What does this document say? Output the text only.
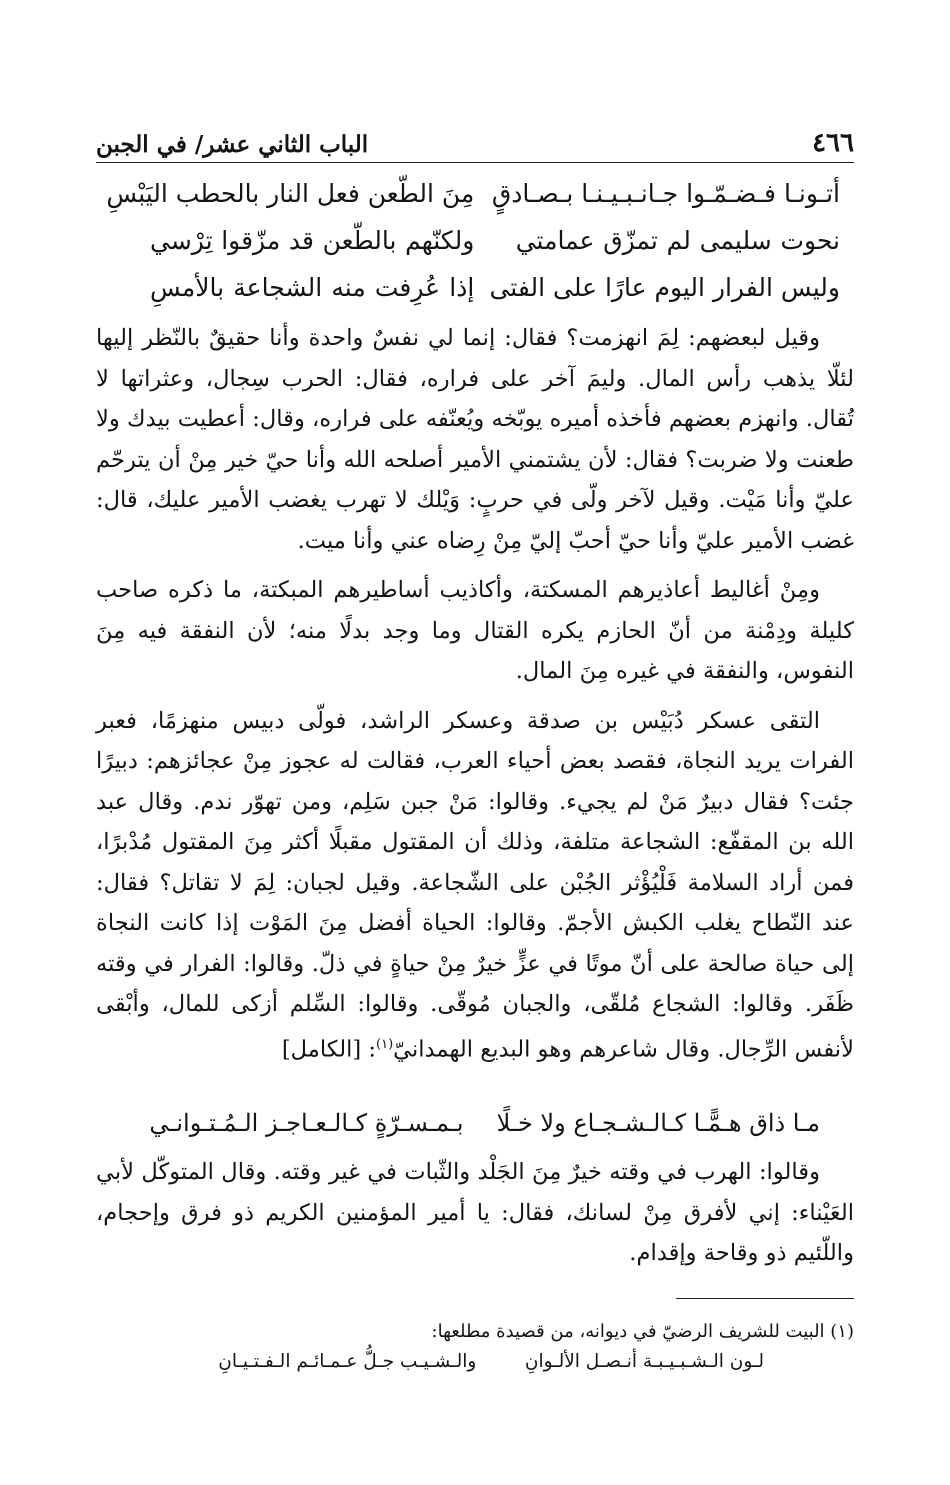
٤٦٦
الباب الثاني عشر/ في الجبن
أتـونـا فـضـمّـوا جـانـبـيـنـا بـصـادقٍ
مِنَ الطّعن فعل النار بالحطب اليَبْسِ
نحوت سليمى لم تمزّق عمامتي
ولكنّهم بالطّعن قد مزّقوا تِرْسي
وليس الفرار اليوم عارًا على الفتى
إذا عُرِفت منه الشجاعة بالأمسِ

وقيل لبعضهم: لِمَ انهزمت؟ فقال: إنما لي نفسٌ واحدة وأنا حقيقٌ بالنّظر إليها لئلّا يذهب رأس المال. وليمَ آخر على فراره، فقال: الحرب سِجال، وعثراتها لا تُقال. وانهزم بعضهم فأخذه أميره يوبّخه ويُعنّفه على فراره، وقال: أعطيت بيدك ولا طعنت ولا ضربت؟ فقال: لأن يشتمني الأمير أصلحه الله وأنا حيّ خير مِنْ أن يترحّم عليّ وأنا مَيْت. وقيل لآخر ولّى في حربٍ: وَيْلك لا تهرب يغضب الأمير عليك، قال: غضب الأمير عليّ وأنا حيّ أحبّ إليّ مِنْ رِضاه عني وأنا ميت.

ومِنْ أغاليط أعاذيرهم المسكتة، وأكاذيب أساطيرهم المبكتة، ما ذكره صاحب كليلة ودِمْنة من أنّ الحازم يكره القتال وما وجد بدلًا منه؛ لأن النفقة فيه مِنَ النفوس، والنفقة في غيره مِنَ المال.

التقى عسكر دُبَيْس بن صدقة وعسكر الراشد، فولّى دبيس منهزمًا، فعبر الفرات يريد النجاة، فقصد بعض أحياء العرب، فقالت له عجوز مِنْ عجائزهم: دبيرًا جئت؟ فقال دبيرٌ مَنْ لم يجيء. وقالوا: مَنْ جبن سَلِم، ومن تهوّر ندم. وقال عبد الله بن المقفّع: الشجاعة متلفة، وذلك أن المقتول مقبلًا أكثر مِنَ المقتول مُدْبرًا، فمن أراد السلامة فَلْيُؤْثر الجُبْن على الشّجاعة. وقيل لجبان: لِمَ لا تقاتل؟ فقال: عند النّطاح يغلب الكبش الأجمّ. وقالوا: الحياة أفضل مِنَ المَوْت إذا كانت النجاة إلى حياة صالحة على أنّ موتًا في عزٍّ خيرٌ مِنْ حياةٍ في ذلّ. وقالوا: الفرار في وقته ظَفَر. وقالوا: الشجاع مُلقّى، والجبان مُوقّى. وقالوا: السِّلم أزكى للمال، وأبْقى لأنفس الرِّجال. وقال شاعرهم وهو البديع الهمدانيّ$^{(١)}$: [الكامل]

مـا ذاق هـمًّـا كـالـشـجـاع ولا خـلًا
بـمـسـرّةٍ كـالـعـاجـز الـمُـتـوانـي

وقالوا: الهرب في وقته خيرٌ مِنَ الجَلْد والثّبات في غير وقته. وقال المتوكّل لأبي العَيْناء: إني لأفرق مِنْ لسانك، فقال: يا أمير المؤمنين الكريم ذو فرق وإحجام، واللّئيم ذو وقاحة وإقدام.

(١) البيت للشريف الرضيّ في ديوانه، من قصيدة مطلعها:
لـون الـشـبـيـبـة أنـصـل الألـوانِ
والـشـيـب جـلُّ عـمـائـم الـفـتـيـانِ
